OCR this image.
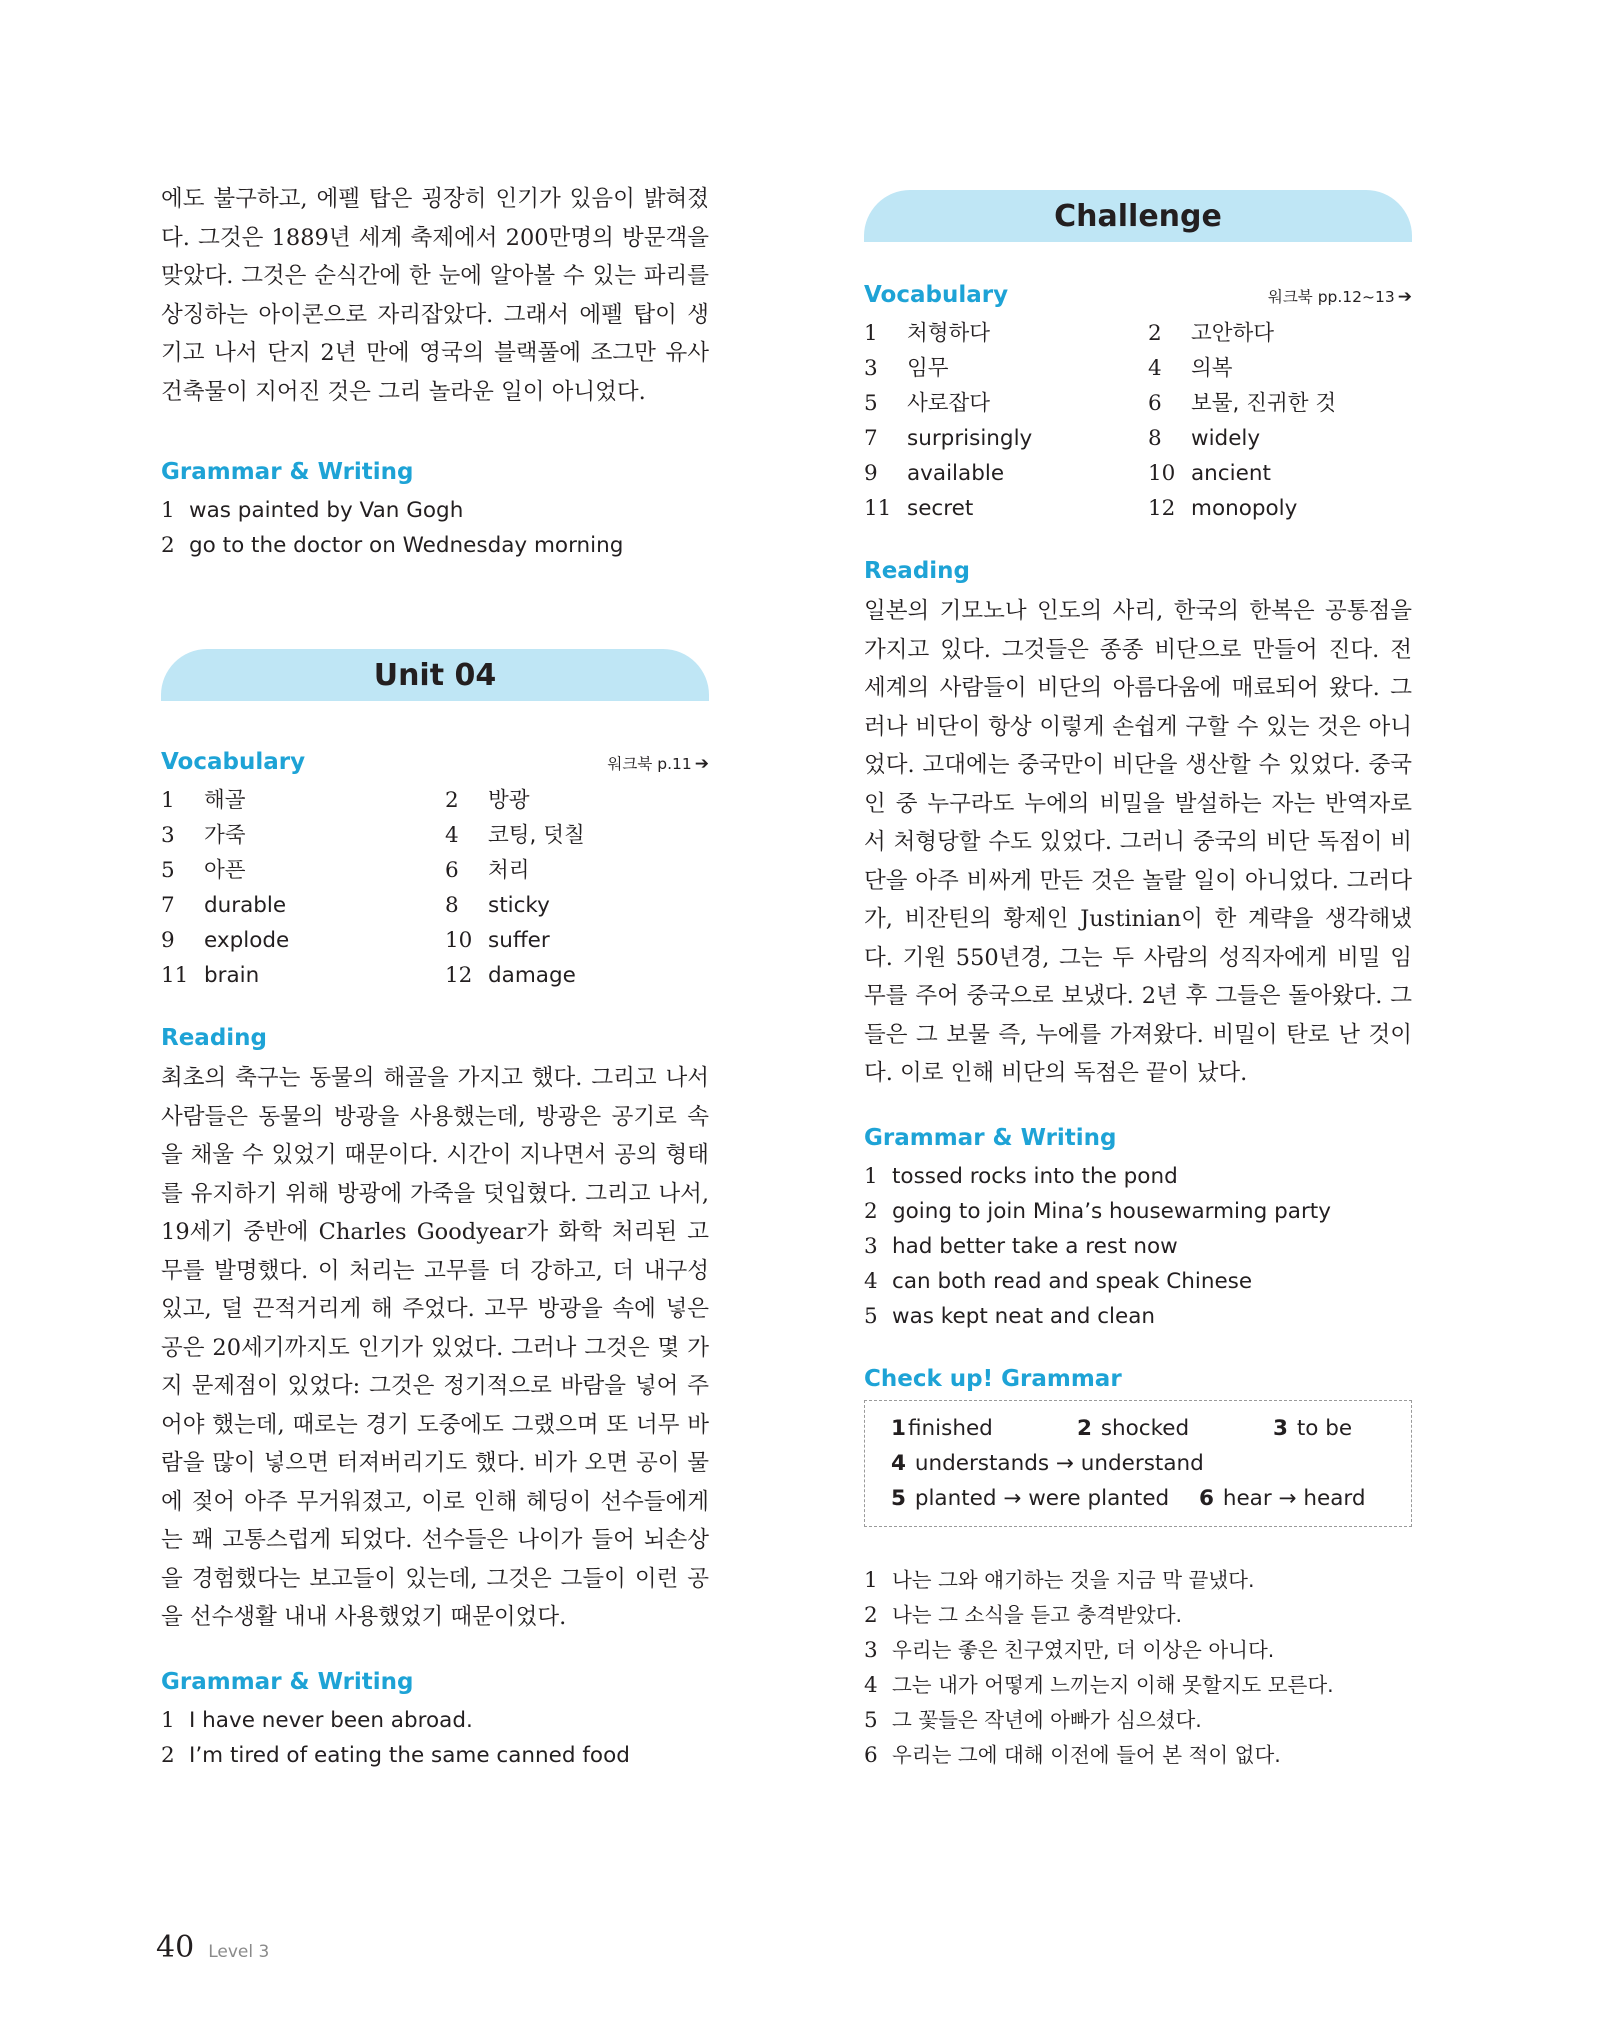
에도 불구하고, 에펠 탑은 굉장히 인기가 있음이 밝혀졌다. 그것은 1889년 세계 축제에서 200만명의 방문객을 맞았다. 그것은 순식간에 한 눈에 알아볼 수 있는 파리를 상징하는 아이콘으로 자리잡았다. 그래서 에펠 탑이 생기고 나서 단지 2년 만에 영국의 블랙풀에 조그만 유사 건축물이 지어진 것은 그리 놀라운 일이 아니었다.

Grammar & Writing
1 was painted by Van Gogh
2 go to the doctor on Wednesday morning
Unit 04
Vocabulary	워크북 p.11 ➔
1	해골	2	방광
3	가죽	4	코팅, 덧칠
5	아픈	6	처리
7	durable	8	sticky
9	explode	10 suffer
11 brain	12 damage
Reading

최초의 축구는 동물의 해골을 가지고 했다. 그리고 나서 사람들은 동물의 방광을 사용했는데, 방광은 공기로 속을 채울 수 있었기 때문이다. 시간이 지나면서 공의 형태를 유지하기 위해 방광에 가죽을 덧입혔다. 그리고 나서, 19세기 중반에 Charles Goodyear가 화학 처리된 고무를 발명했다. 이 처리는 고무를 더 강하고, 더 내구성 있고, 덜 끈적거리게 해 주었다. 고무 방광을 속에 넣은 공은 20세기까지도 인기가 있었다. 그러나 그것은 몇 가지 문제점이 있었다: 그것은 정기적으로 바람을 넣어 주어야 했는데, 때로는 경기 도중에도 그랬으며 또 너무 바람을 많이 넣으면 터져버리기도 했다. 비가 오면 공이 물에 젖어 아주 무거워졌고, 이로 인해 헤딩이 선수들에게는 꽤 고통스럽게 되었다. 선수들은 나이가 들어 뇌손상을 경험했다는 보고들이 있는데, 그것은 그들이 이런 공을 선수생활 내내 사용했었기 때문이었다.

Grammar & Writing
1 I have never been abroad.
2 I’m tired of eating the same canned food
Challenge
Vocabulary	워크북 pp.12~13 ➔
1	처형하다	2	고안하다
3	임무	4	의복
5	사로잡다	6	보물, 진귀한 것
7	surprisingly	8	widely
9	available	10 ancient
11 secret	12 monopoly
Reading

일본의 기모노나 인도의 사리, 한국의 한복은 공통점을 가지고 있다. 그것들은 종종 비단으로 만들어 진다. 전 세계의 사람들이 비단의 아름다움에 매료되어 왔다. 그러나 비단이 항상 이렇게 손쉽게 구할 수 있는 것은 아니었다. 고대에는 중국만이 비단을 생산할 수 있었다. 중국인 중 누구라도 누에의 비밀을 발설하는 자는 반역자로서 처형당할 수도 있었다. 그러니 중국의 비단 독점이 비단을 아주 비싸게 만든 것은 놀랄 일이 아니었다. 그러다가, 비잔틴의 황제인 Justinian이 한 계략을 생각해냈다. 기원 550년경, 그는 두 사람의 성직자에게 비밀 임무를 주어 중국으로 보냈다. 2년 후 그들은 돌아왔다. 그들은 그 보물 즉, 누에를 가져왔다. 비밀이 탄로 난 것이다. 이로 인해 비단의 독점은 끝이 났다.

Grammar & Writing
1 tossed rocks into the pond
2 going to join Mina’s housewarming party
3 had better take a rest now
4 can both read and speak Chinese
5 was kept neat and clean
Check up! Grammar
1finished	2 shocked	3 to be
4 understands → understand
5 planted → were planted	6 hear → heard
1 나는 그와 얘기하는 것을 지금 막 끝냈다.
2 나는 그 소식을 듣고 충격받았다.
3 우리는 좋은 친구였지만, 더 이상은 아니다.
4 그는 내가 어떻게 느끼는지 이해 못할지도 모른다.
5 그 꽃들은 작년에 아빠가 심으셨다.
6 우리는 그에 대해 이전에 들어 본 적이 없다.
40 Level 3
